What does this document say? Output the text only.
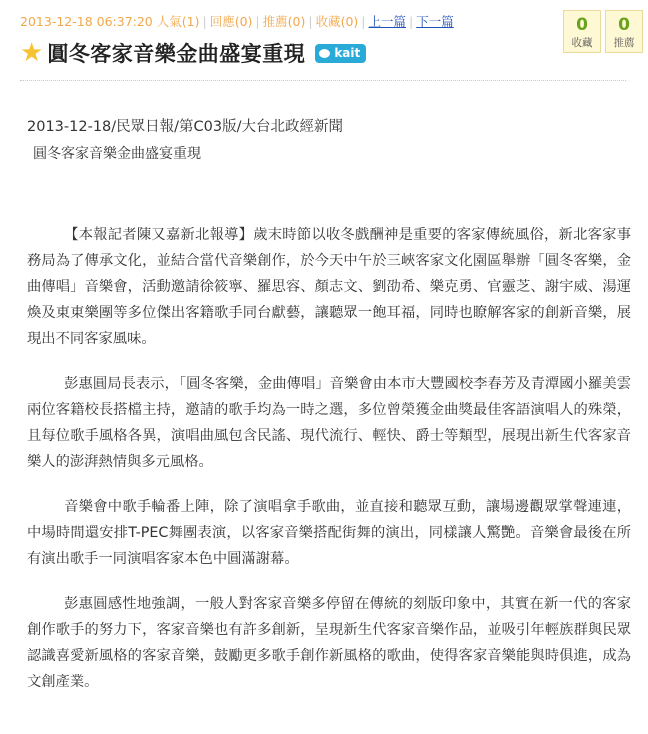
2013-12-18 06:37:20 人氣(1) | 回應(0) | 推薦(0) | 收藏(0) | 上一篇 | 下一篇	0
收藏
0
推薦
★ 圓冬客家音樂金曲盛宴重現 kait
2013-12-18/民眾日報/第C03版/大台北政經新聞
圓冬客家音樂金曲盛宴重現

【本報記者陳又嘉新北報導】歲末時節以收冬戲酬神是重要的客家傳統風俗，新北客家事務局為了傳承文化，並結合當代音樂創作，於今天中午於三峽客家文化園區舉辦「圓冬客樂，金曲傳唱」音樂會，活動邀請徐筱寧、羅思容、顏志文、劉劭希、樂克勇、官靈芝、謝宇威、湯運煥及東東樂團等多位傑出客籍歌手同台獻藝，讓聽眾一飽耳福，同時也瞭解客家的創新音樂，展現出不同客家風味。

彭惠圓局長表示，「圓冬客樂，金曲傳唱」音樂會由本市大豐國校李春芳及青潭國小羅美雲兩位客籍校長搭檔主持，邀請的歌手均為一時之選，多位曾榮獲金曲獎最佳客語演唱人的殊榮，且每位歌手風格各異，演唱曲風包含民謠、現代流行、輕快、爵士等類型，展現出新生代客家音樂人的澎湃熱情與多元風格。

音樂會中歌手輪番上陣，除了演唱拿手歌曲，並直接和聽眾互動，讓場邊觀眾掌聲連連，中場時間還安排T-PEC舞團表演，以客家音樂搭配街舞的演出，同樣讓人驚艷。音樂會最後在所有演出歌手一同演唱客家本色中圓滿謝幕。

彭惠圓感性地強調，一般人對客家音樂多停留在傳統的刻版印象中，其實在新一代的客家創作歌手的努力下，客家音樂也有許多創新，呈現新生代客家音樂作品，並吸引年輕族群與民眾認識喜愛新風格的客家音樂，鼓勵更多歌手創作新風格的歌曲，使得客家音樂能與時俱進，成為文創產業。
